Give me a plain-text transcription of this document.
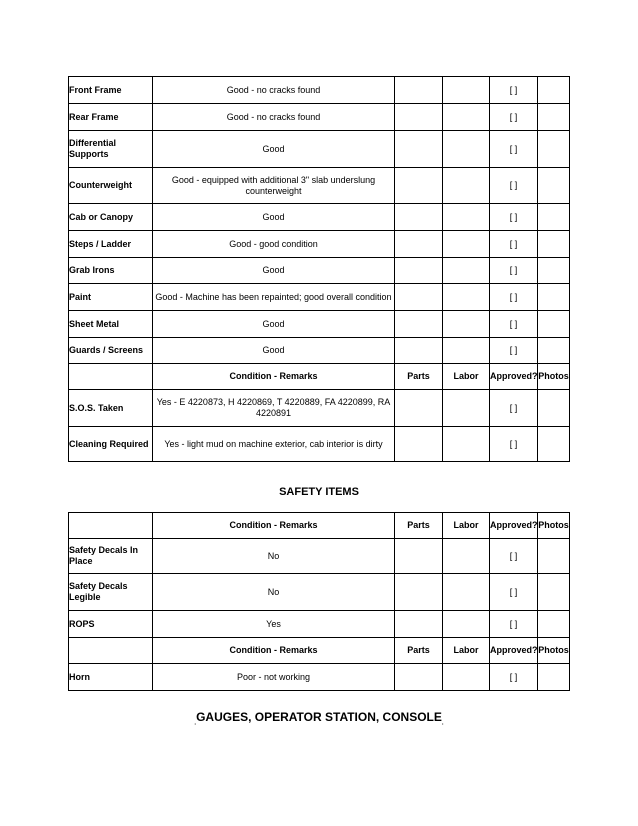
Front Frame	Good - no cracks found			[ ]	
Rear Frame	Good - no cracks found			[ ]	
Differential Supports	Good			[ ]	
Counterweight	Good - equipped with additional 3" slab underslung counterweight			[ ]	
Cab or Canopy	Good			[ ]	
Steps / Ladder	Good - good condition			[ ]	
Grab Irons	Good			[ ]	
Paint	Good - Machine has been repainted; good overall condition			[ ]	
Sheet Metal	Good			[ ]	
Guards / Screens	Good			[ ]	
	Condition - Remarks	Parts	Labor	Approved?	Photos
S.O.S. Taken	Yes - E 4220873, H 4220869, T 4220889, FA 4220899, RA 4220891			[ ]	
Cleaning Required	Yes - light mud on machine exterior, cab interior is dirty			[ ]	
SAFETY ITEMS
	Condition - Remarks	Parts	Labor	Approved?	Photos
Safety Decals In Place	No			[ ]	
Safety Decals Legible	No			[ ]	
ROPS	Yes			[ ]	
	Condition - Remarks	Parts	Labor	Approved?	Photos
Horn	Poor - not working			[ ]	
$_.$GAUGES, OPERATOR STATION, $CONSOLE_.$
